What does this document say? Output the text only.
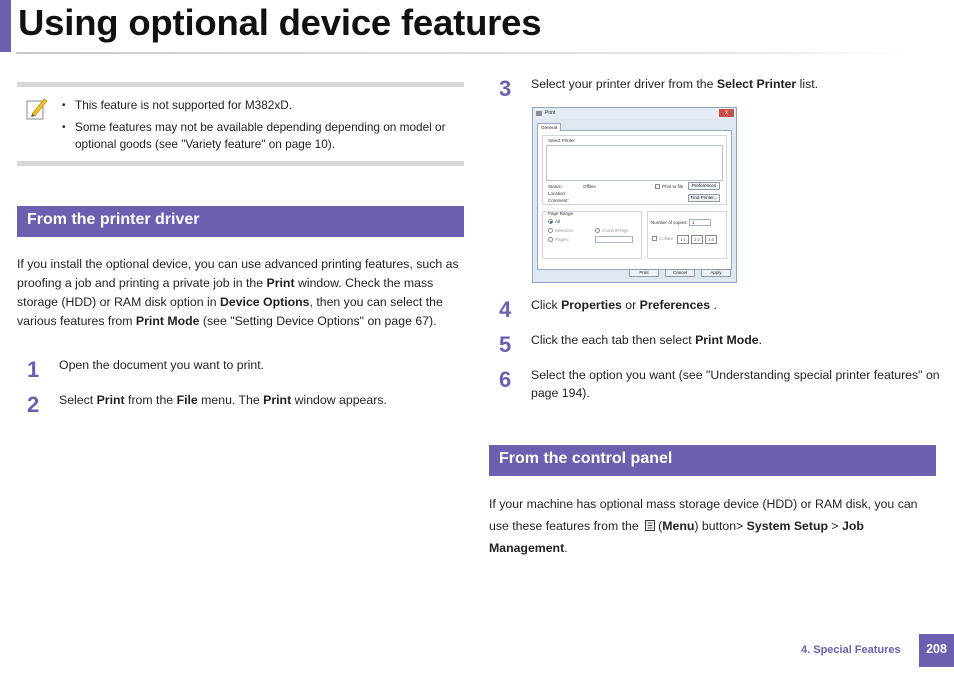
Using optional device features
• This feature is not supported for M382xD.
• Some features may not be available depending depending on model or optional goods (see "Variety feature" on page 10).
From the printer driver

If you install the optional device, you can use advanced printing features, such as proofing a job and printing a private job in the Print window. Check the mass storage (HDD) or RAM disk option in Device Options, then you can select the various features from Print Mode (see "Setting Device Options" on page 67).

1	Open the document you want to print.
2	Select Print from the File menu. The Print window appears.
3	Select your printer driver from the Select Printer list.
Print	x
General
Select Printer
Status:	Offline
Location:
Comment:
Print to file	Preferences
Find Printer...
Page Range
All
Selection	Current Page
Pages:
Number of copies: 1
Collate	1 1	2 2	3 3
Print	Cancel	Apply
4	Click Properties or Preferences .
5	Click the each tab then select Print Mode.
6	Select the option you want (see "Understanding special printer features" on page 194).
From the control panel
If your machine has optional mass storage device (HDD) or RAM disk, you can
use these features from the (Menu) button> System Setup > Job
Management.
4. Special Features	208
